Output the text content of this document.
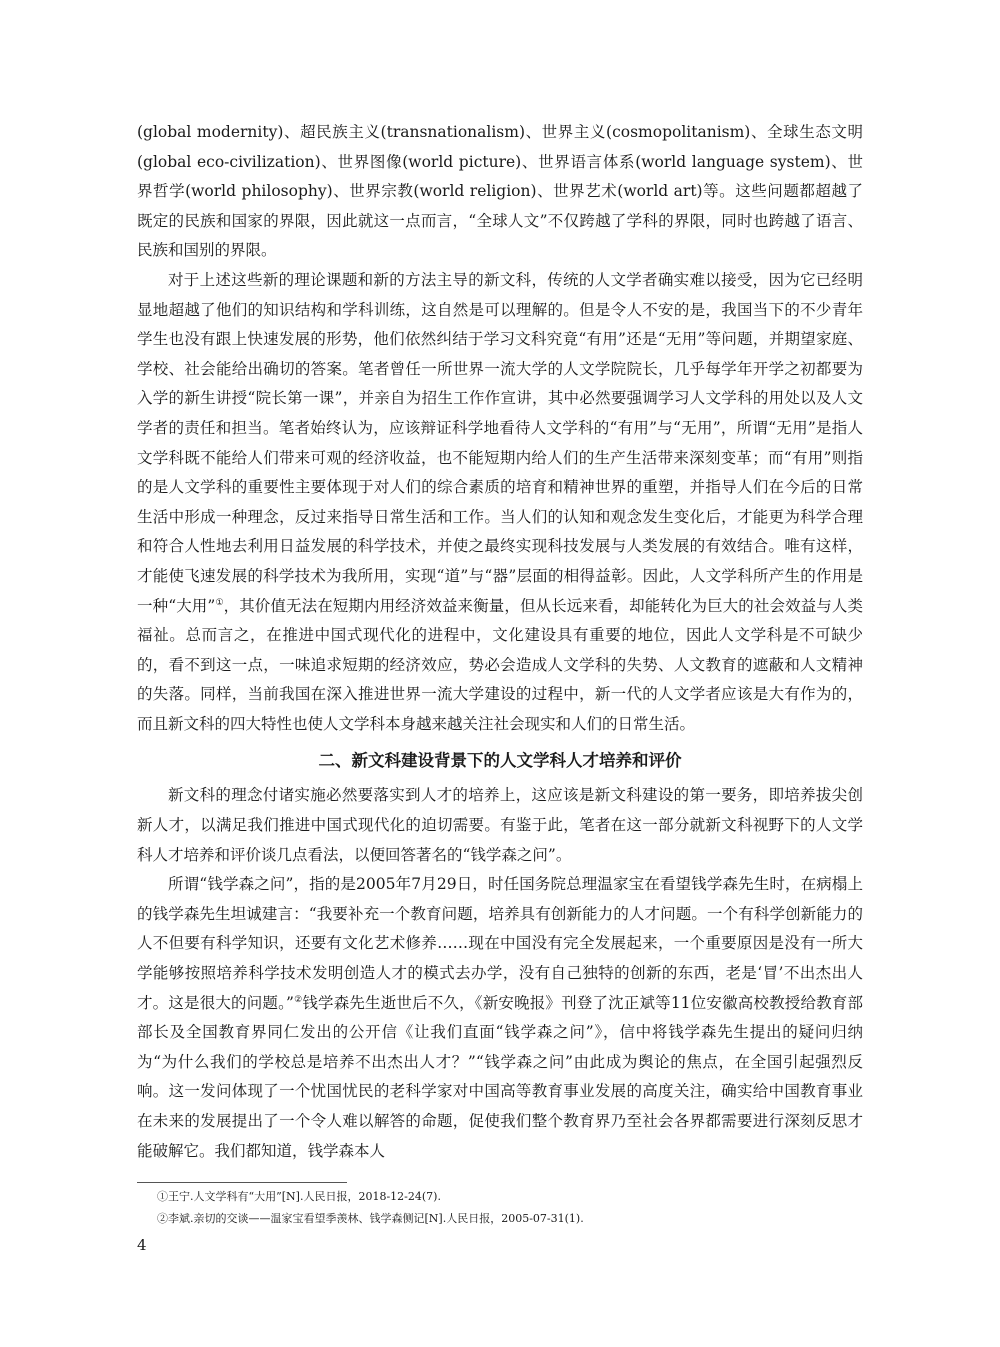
(global modernity)、超民族主义(transnationalism)、世界主义(cosmopolitanism)、全球生态文明(global eco-civilization)、世界图像(world picture)、世界语言体系(world language system)、世界哲学(world philosophy)、世界宗教(world religion)、世界艺术(world art)等。这些问题都超越了既定的民族和国家的界限，因此就这一点而言，“全球人文”不仅跨越了学科的界限，同时也跨越了语言、民族和国别的界限。

对于上述这些新的理论课题和新的方法主导的新文科，传统的人文学者确实难以接受，因为它已经明显地超越了他们的知识结构和学科训练，这自然是可以理解的。但是令人不安的是，我国当下的不少青年学生也没有跟上快速发展的形势，他们依然纠结于学习文科究竟“有用”还是“无用”等问题，并期望家庭、学校、社会能给出确切的答案。笔者曾任一所世界一流大学的人文学院院长，几乎每学年开学之初都要为入学的新生讲授“院长第一课”，并亲自为招生工作作宣讲，其中必然要强调学习人文学科的用处以及人文学者的责任和担当。笔者始终认为，应该辩证科学地看待人文学科的“有用”与“无用”，所谓“无用”是指人文学科既不能给人们带来可观的经济收益，也不能短期内给人们的生产生活带来深刻变革；而“有用”则指的是人文学科的重要性主要体现于对人们的综合素质的培育和精神世界的重塑，并指导人们在今后的日常生活中形成一种理念，反过来指导日常生活和工作。当人们的认知和观念发生变化后，才能更为科学合理和符合人性地去利用日益发展的科学技术，并使之最终实现科技发展与人类发展的有效结合。唯有这样，才能使飞速发展的科学技术为我所用，实现“道”与“器”层面的相得益彰。因此，人文学科所产生的作用是一种“大用”①，其价值无法在短期内用经济效益来衡量，但从长远来看，却能转化为巨大的社会效益与人类福祉。总而言之，在推进中国式现代化的进程中，文化建设具有重要的地位，因此人文学科是不可缺少的，看不到这一点，一味追求短期的经济效应，势必会造成人文学科的失势、人文教育的遮蔽和人文精神的失落。同样，当前我国在深入推进世界一流大学建设的过程中，新一代的人文学者应该是大有作为的，而且新文科的四大特性也使人文学科本身越来越关注社会现实和人们的日常生活。

二、新文科建设背景下的人文学科人才培养和评价

新文科的理念付诸实施必然要落实到人才的培养上，这应该是新文科建设的第一要务，即培养拔尖创新人才，以满足我们推进中国式现代化的迫切需要。有鉴于此，笔者在这一部分就新文科视野下的人文学科人才培养和评价谈几点看法，以便回答著名的“钱学森之问”。

所谓“钱学森之问”，指的是2005年7月29日，时任国务院总理温家宝在看望钱学森先生时，在病榻上的钱学森先生坦诚建言：“我要补充一个教育问题，培养具有创新能力的人才问题。一个有科学创新能力的人不但要有科学知识，还要有文化艺术修养……现在中国没有完全发展起来，一个重要原因是没有一所大学能够按照培养科学技术发明创造人才的模式去办学，没有自己独特的创新的东西，老是‘冒’不出杰出人才。这是很大的问题。”②钱学森先生逝世后不久，《新安晚报》刊登了沈正斌等11位安徽高校教授给教育部部长及全国教育界同仁发出的公开信《让我们直面“钱学森之问”》，信中将钱学森先生提出的疑问归纳为“为什么我们的学校总是培养不出杰出人才？”“钱学森之问”由此成为舆论的焦点，在全国引起强烈反响。这一发问体现了一个忧国忧民的老科学家对中国高等教育事业发展的高度关注，确实给中国教育事业在未来的发展提出了一个令人难以解答的命题，促使我们整个教育界乃至社会各界都需要进行深刻反思才能破解它。我们都知道，钱学森本人

①王宁.人文学科有“大用”[N].人民日报，2018-12-24(7).

②李斌.亲切的交谈——温家宝看望季羡林、钱学森侧记[N].人民日报，2005-07-31(1).

4
